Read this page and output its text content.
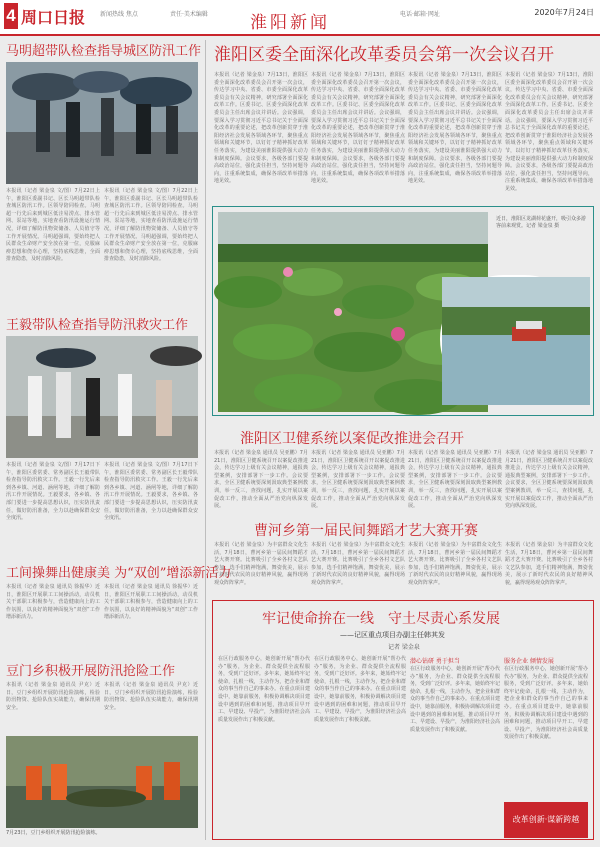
4 周口日报 新闻热线 焦点	责任·美术编辑 淮阳新闻	电话·邮箱·网址	2020年7月24日
马明超带队检查指导城区防汛工作
本报讯（记者 梁金泉 文/图）7月22日上午，淮阳区委副书记、区长马明超带队检查城区防汛工作。区领导陪同检查。马明超一行先后来到城区低洼易涝点、排水管网、泵站等地，实地查看防汛设施运行情况，详细了解防汛物资储备、人员值守等工作开展情况。马明超强调，要始终把人民群众生命财产安全放在第一位，克服麻痹思想和侥幸心理，坚持底线思维，全面排查隐患，及时消除风险。
本报讯（记者 梁金泉 文/图）7月22日上午，淮阳区委副书记、区长马明超带队检查城区防汛工作。区领导陪同检查。马明超一行先后来到城区低洼易涝点、排水管网、泵站等地，实地查看防汛设施运行情况，详细了解防汛物资储备、人员值守等工作开展情况。马明超强调，要始终把人民群众生命财产安全放在第一位，克服麻痹思想和侥幸心理，坚持底线思维，全面排查隐患，及时消除风险。
王毅带队检查指导防汛救灾工作
本报讯（记者 梁金泉 文/图）7月17日下午，淮阳区委常委、常务副区长王毅带队检查指导防汛救灾工作。王毅一行先后来到各乡镇、河道、涵闸等地，详细了解防汛工作开展情况。王毅要求，各乡镇、各部门要进一步提高思想认识，压实防汛责任，做好防汛准备，全力以赴确保群众安全度汛。
本报讯（记者 梁金泉 文/图）7月17日下午，淮阳区委常委、常务副区长王毅带队检查指导防汛救灾工作。王毅一行先后来到各乡镇、河道、涵闸等地，详细了解防汛工作开展情况。王毅要求，各乡镇、各部门要进一步提高思想认识，压实防汛责任，做好防汛准备，全力以赴确保群众安全度汛。
工间操舞出健康美 为“双创”增添新活力
本报讯（记者 梁金泉 通讯员 徐振华）近日，淮阳区开展职工工间操活动，动员机关干部职工积极参与，营造健康向上的工作氛围，以良好的精神面貌为“双创”工作增添新活力。
本报讯（记者 梁金泉 通讯员 徐振华）近日，淮阳区开展职工工间操活动，动员机关干部职工积极参与，营造健康向上的工作氛围，以良好的精神面貌为“双创”工作增添新活力。
豆门乡积极开展防汛抢险工作
本报讯（记者 梁金泉 通讯员 尹克）近日，豆门乡组织开展防汛抢险演练，检验防汛物资、抢险队伍实战能力，确保汛期安全。
本报讯（记者 梁金泉 通讯员 尹克）近日，豆门乡组织开展防汛抢险演练，检验防汛物资、抢险队伍实战能力，确保汛期安全。
7月23日，豆门乡组织开展防汛抢险演练。
淮阳区委全面深化改革委员会第一次会议召开
本报讯（记者 梁金泉）7月13日，淮阳区委全面深化改革委员会召开第一次会议，传达学习中央、省委、市委全面深化改革委员会有关会议精神，研究部署全面深化改革工作。区委书记、区委全面深化改革委员会主任出席会议并讲话。会议强调，要深入学习贯彻习近平总书记关于全面深化改革的重要论述，把改革创新贯穿于淮阳经济社会发展各领域各环节，聚焦重点领域和关键环节，以钉钉子精神抓好改革任务落实，为建设美丽淮阳提供强大动力和制度保障。会议要求，各级各部门要提高政治站位，强化责任担当，坚持问题导向，注重系统集成，确保各项改革举措落地见效。
本报讯（记者 梁金泉）7月13日，淮阳区委全面深化改革委员会召开第一次会议，传达学习中央、省委、市委全面深化改革委员会有关会议精神，研究部署全面深化改革工作。区委书记、区委全面深化改革委员会主任出席会议并讲话。会议强调，要深入学习贯彻习近平总书记关于全面深化改革的重要论述，把改革创新贯穿于淮阳经济社会发展各领域各环节，聚焦重点领域和关键环节，以钉钉子精神抓好改革任务落实，为建设美丽淮阳提供强大动力和制度保障。会议要求，各级各部门要提高政治站位，强化责任担当，坚持问题导向，注重系统集成，确保各项改革举措落地见效。
本报讯（记者 梁金泉）7月13日，淮阳区委全面深化改革委员会召开第一次会议，传达学习中央、省委、市委全面深化改革委员会有关会议精神，研究部署全面深化改革工作。区委书记、区委全面深化改革委员会主任出席会议并讲话。会议强调，要深入学习贯彻习近平总书记关于全面深化改革的重要论述，把改革创新贯穿于淮阳经济社会发展各领域各环节，聚焦重点领域和关键环节，以钉钉子精神抓好改革任务落实，为建设美丽淮阳提供强大动力和制度保障。会议要求，各级各部门要提高政治站位，强化责任担当，坚持问题导向，注重系统集成，确保各项改革举措落地见效。
本报讯（记者 梁金泉）7月13日，淮阳区委全面深化改革委员会召开第一次会议，传达学习中央、省委、市委全面深化改革委员会有关会议精神，研究部署全面深化改革工作。区委书记、区委全面深化改革委员会主任出席会议并讲话。会议强调，要深入学习贯彻习近平总书记关于全面深化改革的重要论述，把改革创新贯穿于淮阳经济社会发展各领域各环节，聚焦重点领域和关键环节，以钉钉子精神抓好改革任务落实，为建设美丽淮阳提供强大动力和制度保障。会议要求，各级各部门要提高政治站位，强化责任担当，坚持问题导向，注重系统集成，确保各项改革举措落地见效。
近日，淮阳区龙湖荷花盛开，吸引众多游客前来观赏。记者 梁金泉 摄
淮阳区卫健系统以案促改推进会召开
本报讯（记者 梁金泉 通讯员 吴亚鹏）7月21日，淮阳区卫健系统召开以案促改推进会，传达学习上级有关会议精神，通报典型案例，安排部署下一步工作。会议要求，全区卫健系统要深刻汲取典型案例教训，举一反三，查找问题，扎实开展以案促改工作，推动全面从严治党向纵深发展。
本报讯（记者 梁金泉 通讯员 吴亚鹏）7月21日，淮阳区卫健系统召开以案促改推进会，传达学习上级有关会议精神，通报典型案例，安排部署下一步工作。会议要求，全区卫健系统要深刻汲取典型案例教训，举一反三，查找问题，扎实开展以案促改工作，推动全面从严治党向纵深发展。
本报讯（记者 梁金泉 通讯员 吴亚鹏）7月21日，淮阳区卫健系统召开以案促改推进会，传达学习上级有关会议精神，通报典型案例，安排部署下一步工作。会议要求，全区卫健系统要深刻汲取典型案例教训，举一反三，查找问题，扎实开展以案促改工作，推动全面从严治党向纵深发展。
本报讯（记者 梁金泉 通讯员 吴亚鹏）7月21日，淮阳区卫健系统召开以案促改推进会，传达学习上级有关会议精神，通报典型案例，安排部署下一步工作。会议要求，全区卫健系统要深刻汲取典型案例教训，举一反三，查找问题，扎实开展以案促改工作，推动全面从严治党向纵深发展。
曹河乡第一届民间舞蹈才艺大赛开赛
本报讯（记者 梁金泉）为丰富群众文化生活，7月18日，曹河乡第一届民间舞蹈才艺大赛开赛。比赛吸引了全乡各村文艺队参加，选手们精神饱满，舞姿优美，展示了新时代农民的良好精神风貌，赢得现场观众阵阵掌声。
本报讯（记者 梁金泉）为丰富群众文化生活，7月18日，曹河乡第一届民间舞蹈才艺大赛开赛。比赛吸引了全乡各村文艺队参加，选手们精神饱满，舞姿优美，展示了新时代农民的良好精神风貌，赢得现场观众阵阵掌声。
本报讯（记者 梁金泉）为丰富群众文化生活，7月18日，曹河乡第一届民间舞蹈才艺大赛开赛。比赛吸引了全乡各村文艺队参加，选手们精神饱满，舞姿优美，展示了新时代农民的良好精神风貌，赢得现场观众阵阵掌声。
本报讯（记者 梁金泉）为丰富群众文化生活，7月18日，曹河乡第一届民间舞蹈才艺大赛开赛。比赛吸引了全乡各村文艺队参加，选手们精神饱满，舞姿优美，展示了新时代农民的良好精神风貌，赢得现场观众阵阵掌声。
牢记使命拚在一线　守土尽责心系发展
——记区重点项目办副主任韩其发
记者 梁金泉
在区行政服务中心，她创新开展“帮办代办”服务，为企业、群众提供全流程服务，受到广泛好评。多年来，她始终牢记使命，扎根一线，主动作为，把企业和群众的事当作自己的事来办。在重点项目建设中，她靠前服务，积极协调解决项目建设中遇到的困难和问题，推动项目早开工、早建设、早投产，为淮阳经济社会高质量发展作出了积极贡献。
在区行政服务中心，她创新开展“帮办代办”服务，为企业、群众提供全流程服务，受到广泛好评。多年来，她始终牢记使命，扎根一线，主动作为，把企业和群众的事当作自己的事来办。在重点项目建设中，她靠前服务，积极协调解决项目建设中遇到的困难和问题，推动项目早开工、早建设、早投产，为淮阳经济社会高质量发展作出了积极贡献。
潜心钻研 勇于担当
在区行政服务中心，她创新开展“帮办代办”服务，为企业、群众提供全流程服务，受到广泛好评。多年来，她始终牢记使命，扎根一线，主动作为，把企业和群众的事当作自己的事来办。在重点项目建设中，她靠前服务，积极协调解决项目建设中遇到的困难和问题，推动项目早开工、早建设、早投产，为淮阳经济社会高质量发展作出了积极贡献。
服务企业 倾情发展
在区行政服务中心，她创新开展“帮办代办”服务，为企业、群众提供全流程服务，受到广泛好评。多年来，她始终牢记使命，扎根一线，主动作为，把企业和群众的事当作自己的事来办。在重点项目建设中，她靠前服务，积极协调解决项目建设中遇到的困难和问题，推动项目早开工、早建设、早投产，为淮阳经济社会高质量发展作出了积极贡献。
改革创新·谋新跨越
